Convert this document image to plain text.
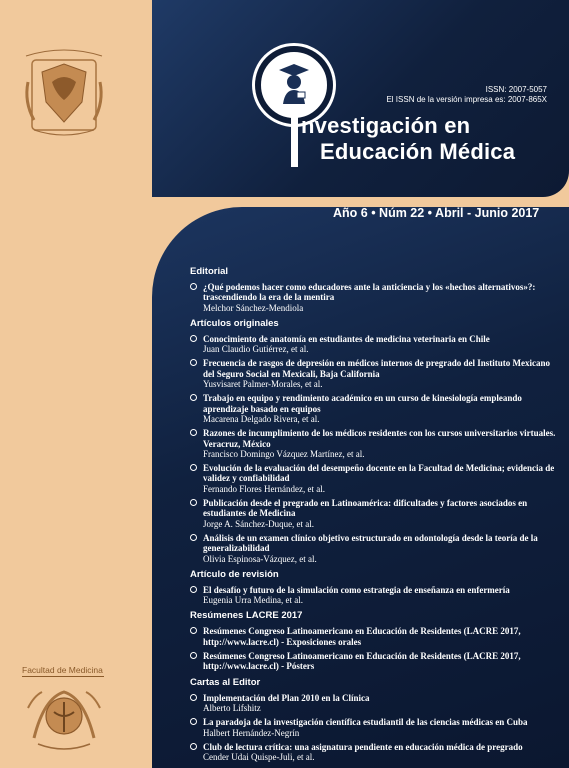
Facultad de Medicina
ISSN: 2007-5057
El ISSN de la versión impresa es: 2007-865X
nvestigación en
Educación Médica
Año 6 • Núm 22 • Abril - Junio 2017
Editorial
¿Qué podemos hacer como educadores ante la anticiencia y los «hechos alternativos»?: trascendiendo la era de la mentira
Melchor Sánchez-Mendiola
Artículos originales
Conocimiento de anatomía en estudiantes de medicina veterinaria en Chile
Juan Claudio Gutiérrez, et al.
Frecuencia de rasgos de depresión en médicos internos de pregrado del Instituto Mexicano del Seguro Social en Mexicali, Baja California
Yusvisaret Palmer-Morales, et al.
Trabajo en equipo y rendimiento académico en un curso de kinesiología empleando aprendizaje basado en equipos
Macarena Delgado Rivera, et al.
Razones de incumplimiento de los médicos residentes con los cursos universitarios virtuales. Veracruz, México
Francisco Domingo Vázquez Martínez, et al.
Evolución de la evaluación del desempeño docente en la Facultad de Medicina; evidencia de validez y confiabilidad
Fernando Flores Hernández, et al.
Publicación desde el pregrado en Latinoamérica: dificultades y factores asociados en estudiantes de Medicina
Jorge A. Sánchez-Duque, et al.
Análisis de un examen clínico objetivo estructurado en odontología desde la teoría de la generalizabilidad
Olivia Espinosa-Vázquez, et al.
Artículo de revisión
El desafío y futuro de la simulación como estrategia de enseñanza en enfermería
Eugenia Urra Medina, et al.
Resúmenes LACRE 2017
Resúmenes Congreso Latinoamericano en Educación de Residentes (LACRE 2017, http://www.lacre.cl) - Exposiciones orales
Resúmenes Congreso Latinoamericano en Educación de Residentes (LACRE 2017, http://www.lacre.cl) - Pósters
Cartas al Editor
Implementación del Plan 2010 en la Clínica
Alberto Lifshitz
La paradoja de la investigación científica estudiantil de las ciencias médicas en Cuba
Halbert Hernández-Negrín
Club de lectura crítica: una asignatura pendiente en educación médica de pregrado
Cender Udai Quispe-Juli, et al.
